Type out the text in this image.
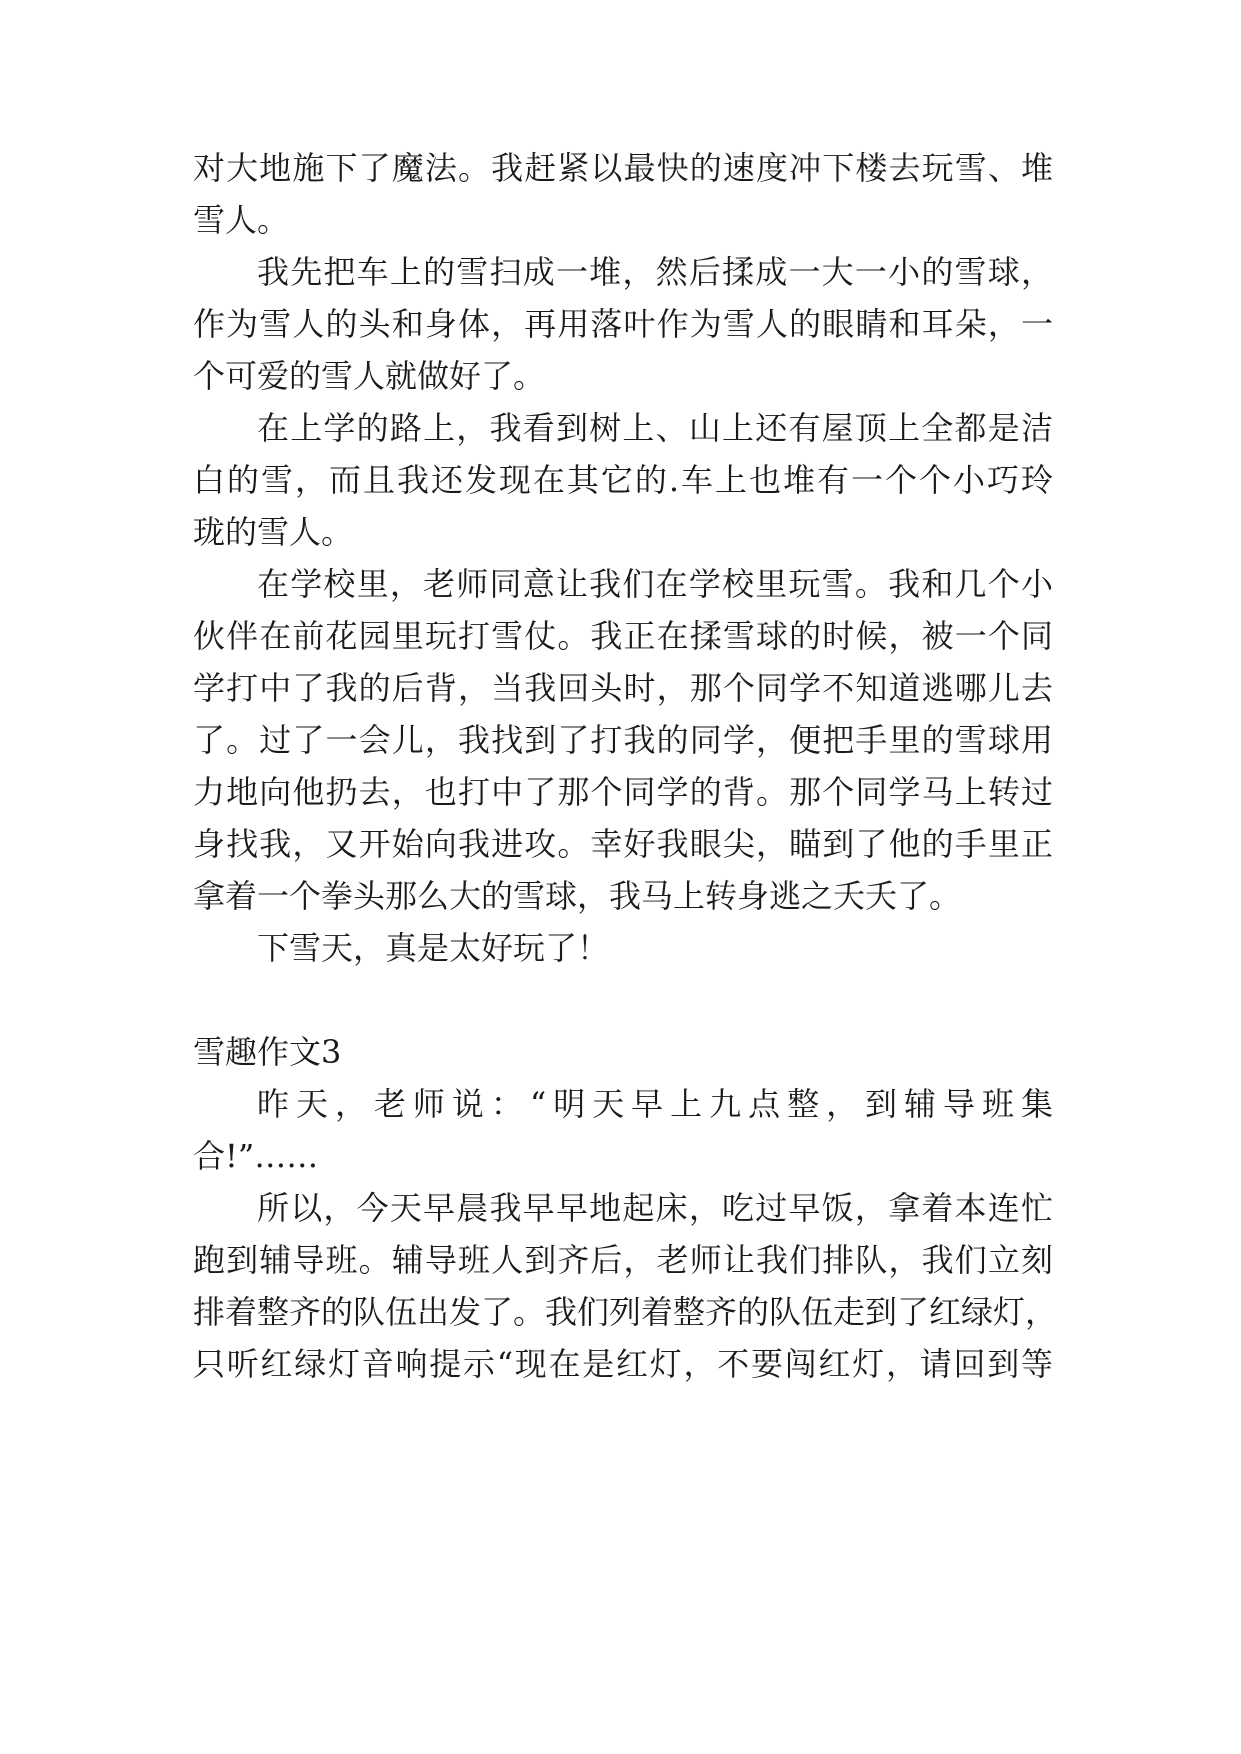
对大地施下了魔法。我赶紧以最快的速度冲下楼去玩雪、堆
雪人。
我先把车上的雪扫成一堆，然后揉成一大一小的雪球，
作为雪人的头和身体，再用落叶作为雪人的眼睛和耳朵，一
个可爱的雪人就做好了。
在上学的路上，我看到树上、山上还有屋顶上全都是洁
白的雪，而且我还发现在其它的.车上也堆有一个个小巧玲
珑的雪人。
在学校里，老师同意让我们在学校里玩雪。我和几个小
伙伴在前花园里玩打雪仗。我正在揉雪球的时候，被一个同
学打中了我的后背，当我回头时，那个同学不知道逃哪儿去
了。过了一会儿，我找到了打我的同学，便把手里的雪球用
力地向他扔去，也打中了那个同学的背。那个同学马上转过
身找我，又开始向我进攻。幸好我眼尖，瞄到了他的手里正
拿着一个拳头那么大的雪球，我马上转身逃之夭夭了。
下雪天，真是太好玩了！
雪趣作文3
昨天，老师说：“明天早上九点整，到辅导班集
合!”……
所以，今天早晨我早早地起床，吃过早饭，拿着本连忙
跑到辅导班。辅导班人到齐后，老师让我们排队，我们立刻
排着整齐的队伍出发了。我们列着整齐的队伍走到了红绿灯，
只听红绿灯音响提示“现在是红灯，不要闯红灯，请回到等
